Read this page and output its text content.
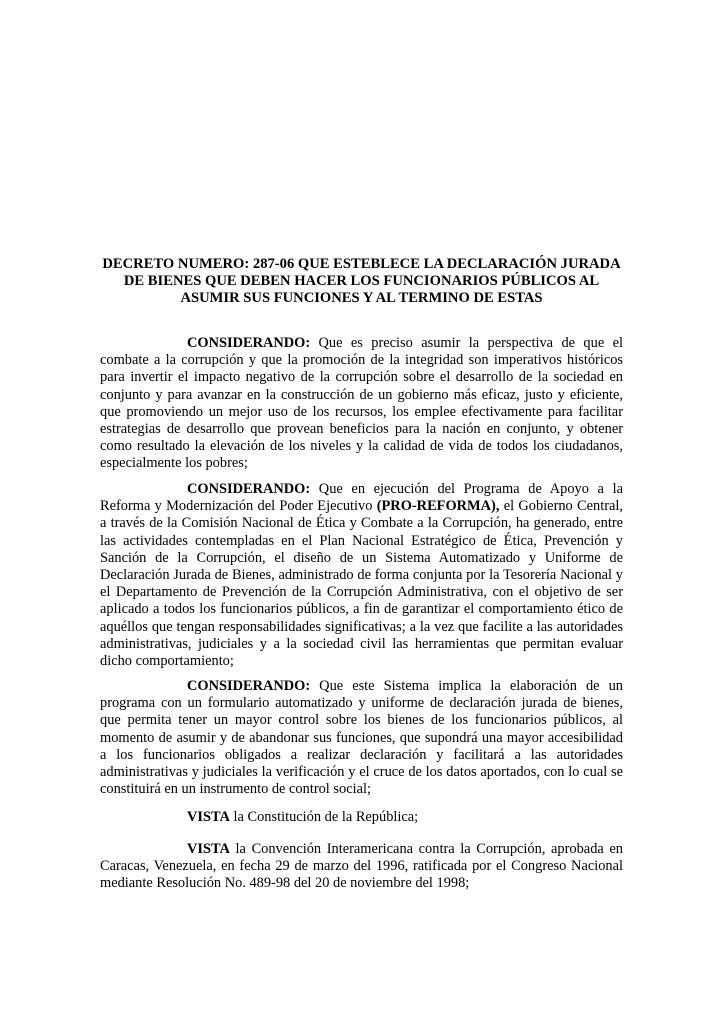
DECRETO NUMERO: 287-06 QUE ESTEBLECE LA DECLARACIÓN JURADA DE BIENES QUE DEBEN HACER LOS FUNCIONARIOS PÚBLICOS AL ASUMIR SUS FUNCIONES Y AL TERMINO DE ESTAS

CONSIDERANDO: Que es preciso asumir la perspectiva de que el combate a la corrupción y que la promoción de la integridad son imperativos históricos para invertir el impacto negativo de la corrupción sobre el desarrollo de la sociedad en conjunto y para avanzar en la construcción de un gobierno más eficaz, justo y eficiente, que promoviendo un mejor uso de los recursos, los emplee efectivamente para facilitar estrategias de desarrollo que provean beneficios para la nación en conjunto, y obtener como resultado la elevación de los niveles y la calidad de vida de todos los ciudadanos, especialmente los pobres;

CONSIDERANDO: Que en ejecución del Programa de Apoyo a la Reforma y Modernización del Poder Ejecutivo (PRO-REFORMA), el Gobierno Central, a través de la Comisión Nacional de Ética y Combate a la Corrupción, ha generado, entre las actividades contempladas en el Plan Nacional Estratégico de Ética, Prevención y Sanción de la Corrupción, el diseño de un Sistema Automatizado y Uniforme de Declaración Jurada de Bienes, administrado de forma conjunta por la Tesorería Nacional y el Departamento de Prevención de la Corrupción Administrativa, con el objetivo de ser aplicado a todos los funcionarios públicos, a fin de garantizar el comportamiento ético de aquéllos que tengan responsabilidades significativas; a la vez que facilite a las autoridades administrativas, judiciales y a la sociedad civil las herramientas que permitan evaluar dicho comportamiento;

CONSIDERANDO: Que este Sistema implica la elaboración de un programa con un formulario automatizado y uniforme de declaración jurada de bienes, que permita tener un mayor control sobre los bienes de los funcionarios públicos, al momento de asumir y de abandonar sus funciones, que supondrá una mayor accesibilidad a los funcionarios obligados a realizar declaración y facilitará a las autoridades administrativas y judiciales la verificación y el cruce de los datos aportados, con lo cual se constituirá en un instrumento de control social;

VISTA la Constitución de la República;

VISTA la Convención Interamericana contra la Corrupción, aprobada en Caracas, Venezuela, en fecha 29 de marzo del 1996, ratificada por el Congreso Nacional mediante Resolución No. 489-98 del 20 de noviembre del 1998;
